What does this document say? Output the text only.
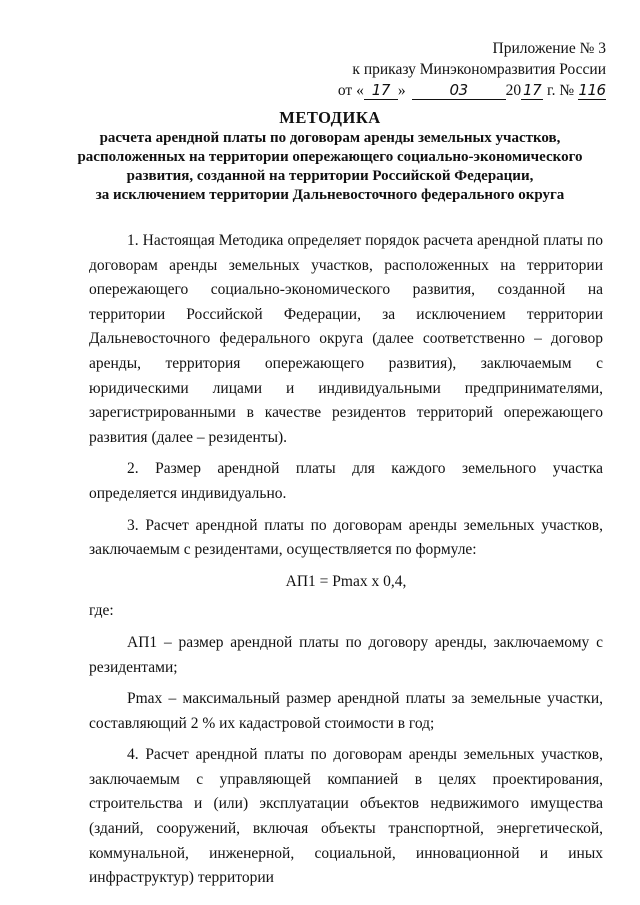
Приложение № 3
к приказу Минэкономразвития России
от « 17 »	03 20 17 г. № 116
МЕТОДИКА
расчета арендной платы по договорам аренды земельных участков,
расположенных на территории опережающего социально-экономического
развития, созданной на территории Российской Федерации,
за исключением территории Дальневосточного федерального округа

1. Настоящая Методика определяет порядок расчета арендной платы по договорам аренды земельных участков, расположенных на территории опережающего социально-экономического развития, созданной на территории Российской Федерации, за исключением территории Дальневосточного федерального округа (далее соответственно – договор аренды, территория опережающего развития), заключаемым с юридическими лицами и индивидуальными предпринимателями, зарегистрированными в качестве резидентов территорий опережающего развития (далее – резиденты).

2. Размер арендной платы для каждого земельного участка определяется индивидуально.

3. Расчет арендной платы по договорам аренды земельных участков, заключаемым с резидентами, осуществляется по формуле:

АП1 = Pmax x 0,4,

где:

АП1 – размер арендной платы по договору аренды, заключаемому с резидентами;

Pmax – максимальный размер арендной платы за земельные участки, составляющий 2 % их кадастровой стоимости в год;

4. Расчет арендной платы по договорам аренды земельных участков, заключаемым с управляющей компанией в целях проектирования, строительства и (или) эксплуатации объектов недвижимого имущества (зданий, сооружений, включая объекты транспортной, энергетической, коммунальной, инженерной, социальной, инновационной и иных инфраструктур) территории
